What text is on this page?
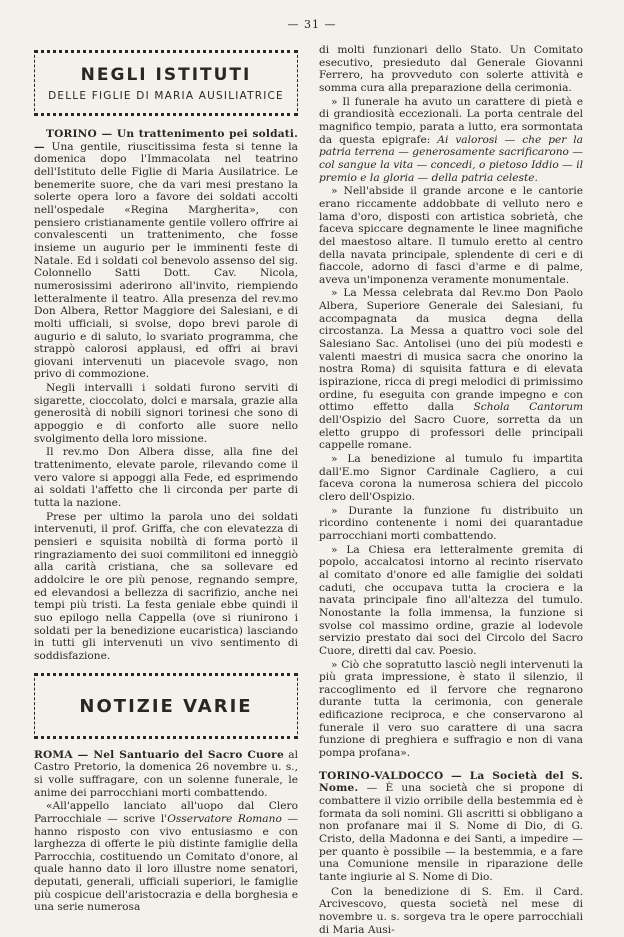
— 31 —
NEGLI ISTITUTI
DELLE FIGLIE DI MARIA AUSILIATRICE

TORINO — Un trattenimento pei soldati. — Una gentile, riuscitissima festa si tenne la domenica dopo l'Immacolata nel teatrino dell'Istituto delle Figlie di Maria Ausilatrice. Le benemerite suore, che da vari mesi prestano la solerte opera loro a favore dei soldati accolti nell'ospedale «Regina Margherita», con pensiero cristianamente gentile vollero offrire ai convalescenti un trattenimento, che fosse insieme un augurio per le imminenti feste di Natale. Ed i soldati col benevolo assenso del sig. Colonnello Satti Dott. Cav. Nicola, numerosissimi aderirono all'invito, riempiendo letteralmente il teatro. Alla presenza del rev.mo Don Albera, Rettor Maggiore dei Salesiani, e di molti ufficiali, si svolse, dopo brevi parole di augurio e di saluto, lo svariato programma, che strappò calorosi applausi, ed offri ai bravi giovani intervenuti un piacevole svago, non privo di commozione.

Negli intervalli i soldati furono serviti di sigarette, cioccolato, dolci e marsala, grazie alla generosità di nobili signori torinesi che sono di appoggio e di conforto alle suore nello svolgimento della loro missione.

Il rev.mo Don Albera disse, alla fine del trattenimento, elevate parole, rilevando come il vero valore si appoggi alla Fede, ed esprimendo ai soldati l'affetto che li circonda per parte di tutta la nazione.

Prese per ultimo la parola uno dei soldati intervenuti, il prof. Griffa, che con elevatezza di pensieri e squisita nobiltà di forma portò il ringraziamento dei suoi commilitoni ed inneggiò alla carità cristiana, che sa sollevare ed addolcire le ore più penose, regnando sempre, ed elevandosi a bellezza di sacrifizio, anche nei tempi più tristi. La festa geniale ebbe quindi il suo epilogo nella Cappella (ove si riunirono i soldati per la benedizione eucaristica) lasciando in tutti gli intervenuti un vivo sentimento di soddisfazione.

NOTIZIE VARIE

ROMA — Nel Santuario del Sacro Cuore al Castro Pretorio, la domenica 26 novembre u. s., si volle suffragare, con un solenne funerale, le anime dei parrocchiani morti combattendo.

«All'appello lanciato all'uopo dal Clero Parrocchiale — scrive l'Osservatore Romano — hanno risposto con vivo entusiasmo e con larghezza di offerte le più distinte famiglie della Parrocchia, costituendo un Comitato d'onore, al quale hanno dato il loro illustre nome senatori, deputati, generali, ufficiali superiori, le famiglie più cospicue dell'aristocrazia e della borghesia e una serie numerosa

di molti funzionari dello Stato. Un Comitato esecutivo, presieduto dal Generale Giovanni Ferrero, ha provveduto con solerte attività e somma cura alla preparazione della cerimonia.

» Il funerale ha avuto un carattere di pietà e di grandiosità eccezionali. La porta centrale del magnifico tempio, parata a lutto, era sormontata da questa epigrafe: Ai valorosi — che per la patria terrena — generosamente sacrificarono — col sangue la vita — concedi, o pietoso Iddio — il premio e la gloria — della patria celeste.

» Nell'abside il grande arcone e le cantorie erano riccamente addobbate di velluto nero e lama d'oro, disposti con artistica sobrietà, che faceva spiccare degnamente le linee magnifiche del maestoso altare. Il tumulo eretto al centro della navata principale, splendente di ceri e di fiaccole, adorno di fasci d'arme e di palme, aveva un'imponenza veramente monumentale.

» La Messa celebrata dal Rev.mo Don Paolo Albera, Superiore Generale dei Salesiani, fu accompagnata da musica degna della circostanza. La Messa a quattro voci sole del Salesiano Sac. Antolisei (uno dei più modesti e valenti maestri di musica sacra che onorino la nostra Roma) di squisita fattura e di elevata ispirazione, ricca di pregi melodici di primissimo ordine, fu eseguita con grande impegno e con ottimo effetto dalla Schola Cantorum dell'Ospizio del Sacro Cuore, sorretta da un eletto gruppo di professori delle principali cappelle romane.

» La benedizione al tumulo fu impartita dall'E.mo Signor Cardinale Cagliero, a cui faceva corona la numerosa schiera del piccolo clero dell'Ospizio.

» Durante la funzione fu distribuito un ricordino contenente i nomi dei quarantadue parrocchiani morti combattendo.

» La Chiesa era letteralmente gremita di popolo, accalcatosi intorno al recinto riservato al comitato d'onore ed alle famiglie dei soldati caduti, che occupava tutta la crociera e la navata principale fino all'altezza del tumulo. Nonostante la folla immensa, la funzione si svolse col massimo ordine, grazie al lodevole servizio prestato dai soci del Circolo del Sacro Cuore, diretti dal cav. Poesio.

» Ciò che sopratutto lasciò negli intervenuti la più grata impressione, è stato il silenzio, il raccoglimento ed il fervore che regnarono durante tutta la cerimonia, con generale edificazione reciproca, e che conservarono al funerale il vero suo carattere di una sacra funzione di preghiera e suffragio e non di vana pompa profana».

TORINO-VALDOCCO — La Società del S. Nome. — È una società che si propone di combattere il vizio orribile della bestemmia ed è formata da soli nomini. Gli ascritti si obbligano a non profanare mai il S. Nome di Dio, di G. Cristo, della Madonna e dei Santi, a impedire — per quanto è possibile — la bestemmia, e a fare una Comunione mensile in riparazione delle tante ingiurie al S. Nome di Dio.

Con la benedizione di S. Em. il Card. Arcivescovo, questa società nel mese di novembre u. s. sorgeva tra le opere parrocchiali di Maria Ausi-
